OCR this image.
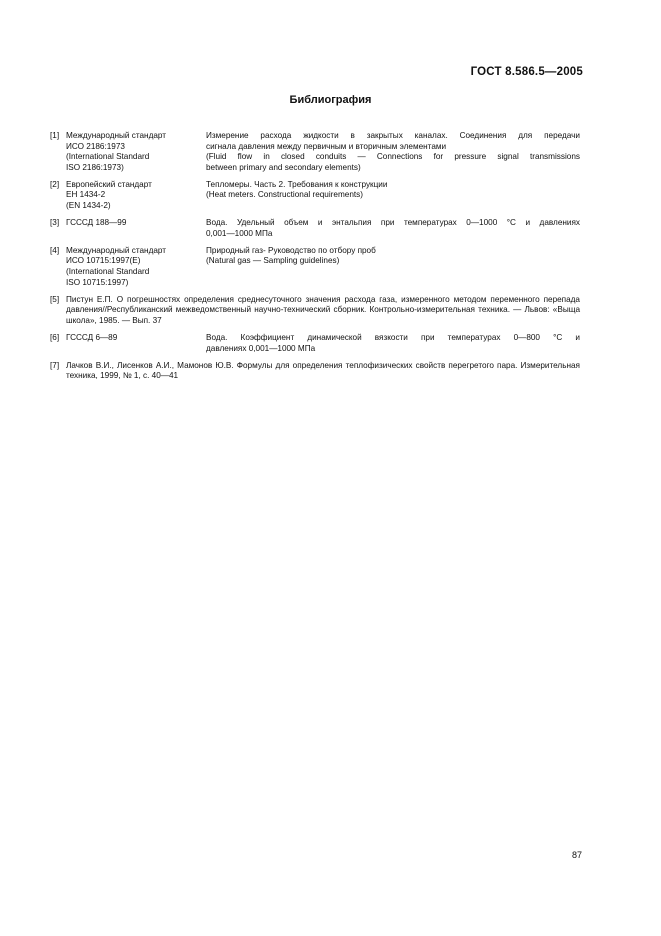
ГОСТ 8.586.5—2005
Библиография
[1] Международный стандарт
ИСО 2186:1973
(International Standard
ISO 2186:1973)
Измерение расхода жидкости в закрытых каналах. Соединения для передачи
сигнала давления между первичным и вторичным элементами
(Fluid flow in closed conduits — Connections for pressure signal transmissions
between primary and secondary elements)
[2] Европейский стандарт
ЕН 1434-2
(EN 1434-2)
Тепломеры. Часть 2. Требования к конструкции
(Heat meters. Constructional requirements)
[3] ГСССД 188—99	Вода. Удельный объем и энтальпия при температурах 0—1000 °С и давлениях
0,001—1000 МПа
[4] Международный стандарт
ИСО 10715:1997(Е)
(International Standard
ISO 10715:1997)
Природный газ- Руководство по отбору проб
(Natural gas — Sampling guidelines)
[5] Пистун Е.П. О погрешностях определения среднесуточного значения расхода газа, измеренного методом переменного перепада давления//Республиканский межведомственный научно-технический сборник. Контрольно-измерительная техника. — Львов: «Выща школа», 1985. — Вып. 37
[6] ГСССД 6—89	Вода. Коэффициент динамической вязкости при температурах 0—800 °С и
давлениях 0,001—1000 МПа
[7] Лачков В.И., Лисенков А.И., Мамонов Ю.В. Формулы для определения теплофизических свойств перегретого пара. Измерительная техника, 1999, № 1, с. 40—41
87
